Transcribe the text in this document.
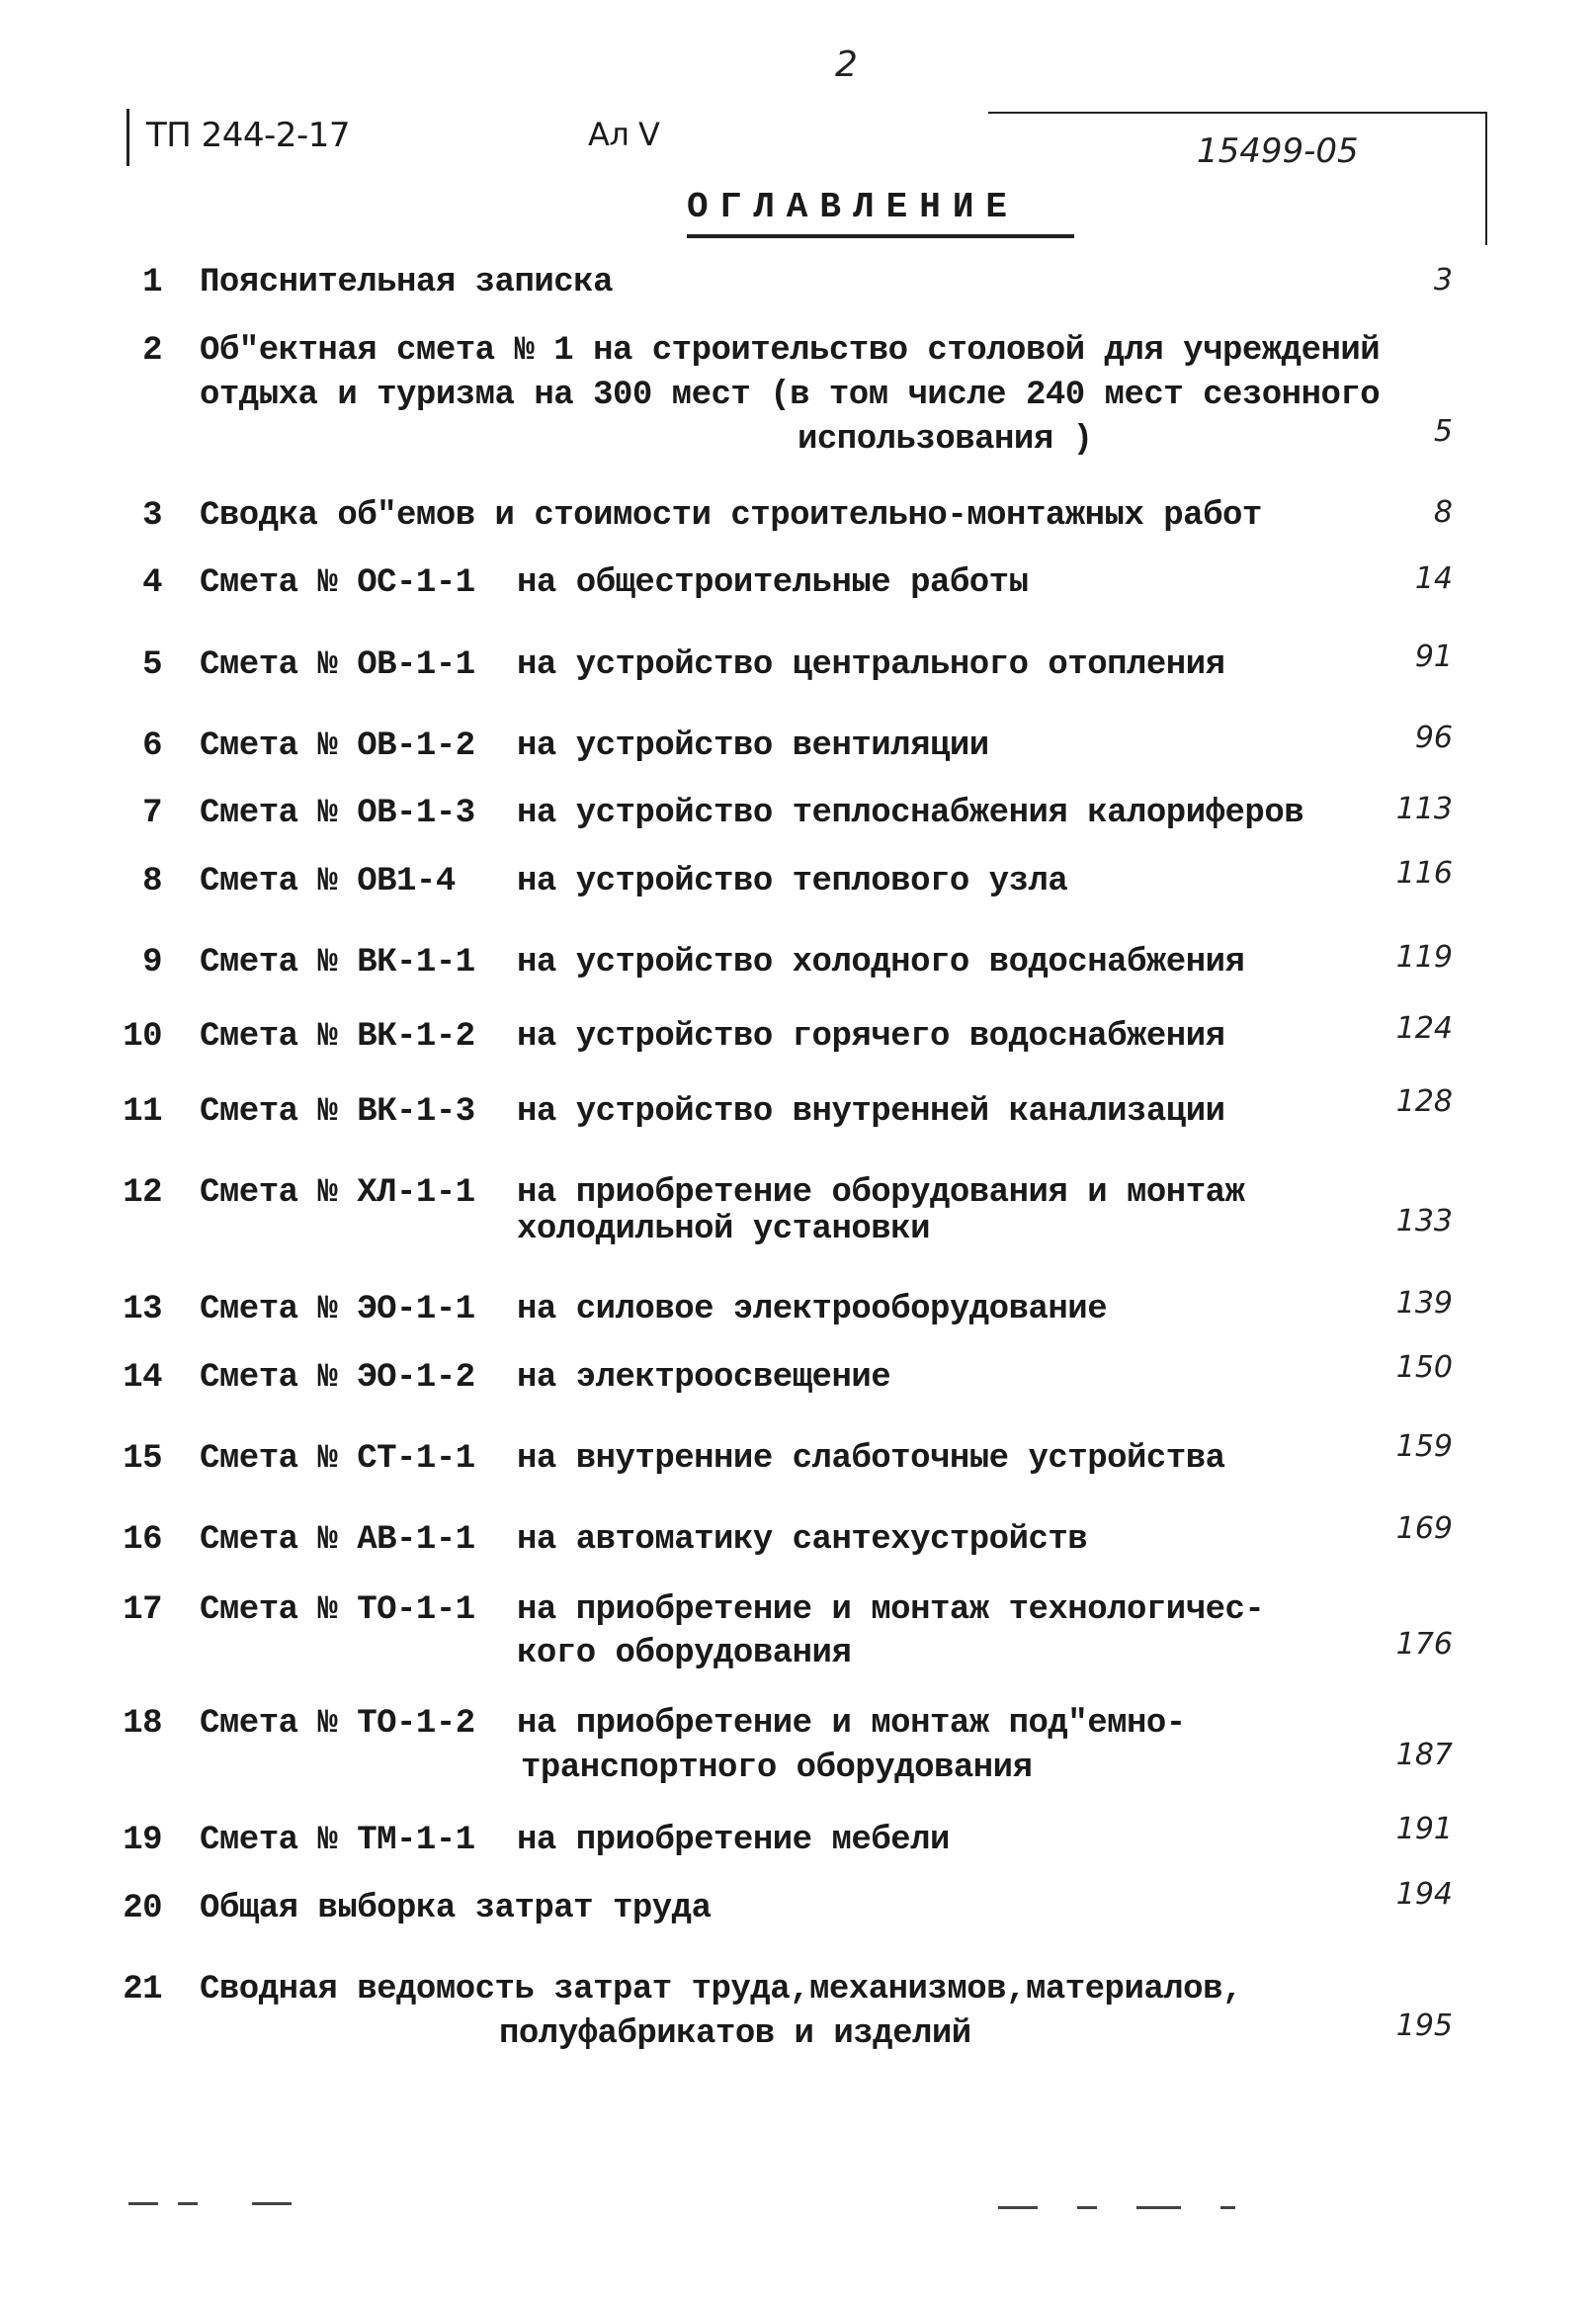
2
ТП 244-2-17	Ал V	15499-05
ОГЛАВЛЕНИЕ
1 Пояснительная записка	3
2 Об"ектная смета № 1 на строительство столовой для учреждений
отдыха и туризма на 300 мест (в том числе 240 мест сезонного
использования )	5
3 Сводка об"емов и стоимости строительно-монтажных работ	8
4 Смета № ОС-1-1 на общестроительные работы	14
5 Смета № ОВ-1-1 на устройство центрального отопления	91
6 Смета № ОВ-1-2 на устройство вентиляции	96
7 Смета № ОВ-1-3 на устройство теплоснабжения калориферов	113
8 Смета № ОВ1-4 на устройство теплового узла	116
9 Смета № ВК-1-1 на устройство холодного водоснабжения	119
10 Смета № ВК-1-2 на устройство горячего водоснабжения	124
11 Смета № ВК-1-3 на устройство внутренней канализации	128
12 Смета № ХЛ-1-1 на приобретение оборудования и монтаж
холодильной установки	133
13 Смета № ЭО-1-1 на силовое электрооборудование	139
14 Смета № ЭО-1-2 на электроосвещение	150
15 Смета № СТ-1-1 на внутренние слаботочные устройства	159
16 Смета № АВ-1-1 на автоматику сантехустройств	169
17 Смета № ТО-1-1 на приобретение и монтаж технологичес-
кого оборудования	176
18 Смета № ТО-1-2 на приобретение и монтаж под"емно-
транспортного оборудования	187
19 Смета № ТМ-1-1 на приобретение мебели	191
20 Общая выборка затрат труда	194
21 Сводная ведомость затрат труда,механизмов,материалов,
полуфабрикатов и изделий	195
